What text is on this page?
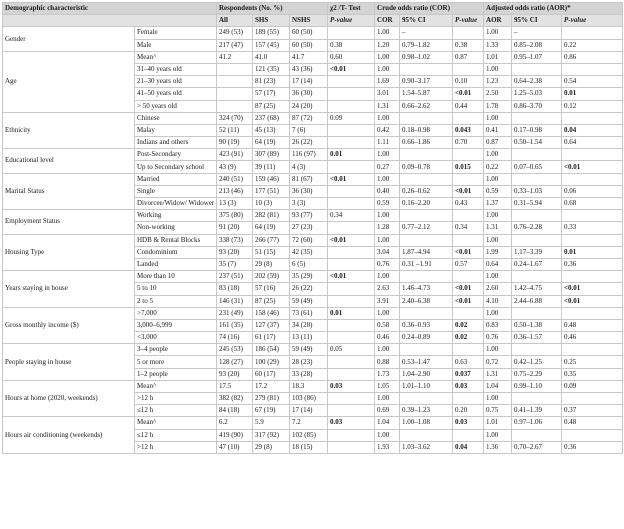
Demographic characteristic		Respondents (No. %)			χ2 /T- Test	Crude odds ratio (COR)			Adjusted odds ratio (AOR)*		
		All	SHS	NSHS	P-value	COR	95% CI	P-value	AOR	95% CI	P-value
Gender	Female	249 (53)	189 (55)	60 (50)		1.00	–		1.00	–	
	Male	217 (47)	157 (45)	60 (50)	0.38	1.20	0.79–1.82	0.38	1.33	0.85–2.08	0.22
Age	Mean^	41.2	41.0	41.7	0.60	1.00	0.98–1.02	0.87	1.01	0.95–1.07	0.86
	31–40 years old		121 (35)	43 (36)	<0.01	1.00			1.00		
	21–30 years old		81 (23)	17 (14)		1.69	0.90–3.17	0.10	1.23	0.64–2.38	0.54
	41–50 years old		57 (17)	36 (30)		3.01	1.54–5.87	<0.01	2.50	1.25–5.03	0.01
	> 50 years old		87 (25)	24 (20)		1.31	0.66–2.62	0.44	1.78	0.86–3.70	0.12
Ethnicity	Chinese	324 (70)	237 (68)	87 (72)	0.09	1.00			1.00		
	Malay	52 (11)	45 (13)	7 (6)		0.42	0.18–0.98	0.043	0.41	0.17–0.98	0.04
	Indians and others	90 (19)	64 (19)	26 (22)		1.11	0.66–1.86	0.70	0.87	0.50–1.54	0.64
Educational level	Post-Secondary	423 (91)	307 (89)	116 (97)	0.01	1.00			1.00		
	Up to Secondary school	43 (9)	39 (11)	4 (3)		0.27	0.09–0.78	0.015	0.22	0.07–0.65	<0.01
Marital Status	Married	240 (51)	159 (46)	81 (67)	<0.01	1.00			1.00		
	Single	213 (46)	177 (51)	36 (30)		0.40	0.26–0.62	<0.01	0.59	0.33–1.03	0.06
	Divorcee/Widow/ Widower	13 (3)	10 (3)	3 (3)		0.59	0.16–2.20	0.43	1.37	0.31–5.94	0.68
Employment Status	Working	375 (80)	282 (81)	93 (77)	0.34	1.00			1.00		
	Non-working	91 (20)	64 (19)	27 (23)		1.28	0.77–2.12	0.34	1.31	0.76–2.28	0.33
Housing Type	HDB & Rental Blocks	338 (73)	266 (77)	72 (60)	<0.01	1.00			1.00		
	Condominium	93 (20)	51 (15)	42 (35)		3.04	1.87–4.94	<0.01	1.99	1.17–3.39	0.01
	Landed	35 (7)	29 (8)	6 (5)		0.76	0.31 –1.91	0.57	0.64	0.24–1.67	0.36
Years staying in house	More than 10	237 (51)	202 (59)	35 (29)	<0.01	1.00			1.00		
	5 to 10	83 (18)	57 (16)	26 (22)		2.63	1.46–4.73	<0.01	2.60	1.42–4.75	<0.01
	2 to 5	146 (31)	87 (25)	59 (49)		3.91	2.40–6.38	<0.01	4.10	2.44–6.88	<0.01
Gross monthly income ($)	>7,000	231 (49)	158 (46)	73 (61)	0.01	1.00			1.00		
	3,000–6,999	161 (35)	127 (37)	34 (28)		0.58	0.36–0.93	0.02	0.83	0.50–1.38	0.48
	<3,000	74 (16)	61 (17)	13 (11)		0.46	0.24–0.89	0.02	0.76	0.36–1.57	0.46
People staying in house	3–4 people	245 (53)	186 (54)	59 (49)	0.05	1.00			1.00		
	5 or more	128 (27)	100 (29)	28 (23)		0.88	0.53–1.47	0.63	0.72	0.42–1.25	0.25
	1–2 people	93 (20)	60 (17)	33 (28)		1.73	1.04–2.90	0.037	1.31	0.75–2.29	0.35
Hours at home (2020, weekends)	Mean^	17.5	17.2	18.3	0.03	1.05	1.01–1.10	0.03	1.04	0.99–1.10	0.09
	>12 h	382 (82)	279 (81)	103 (86)		1.00			1.00		
	≤12 h	84 (18)	67 (19)	17 (14)		0.69	0.39–1.23	0.20	0.75	0.41–1.39	0.37
Hours air conditioning (weekends)	Mean^	6.2	5.9	7.2	0.03	1.04	1.00–1.08	0.03	1.01	0.97–1.06	0.48
	≤12 h	419 (90)	317 (92)	102 (85)		1.00			1.00		
	>12 h	47 (10)	29 (8)	18 (15)		1.93	1.03–3.62	0.04	1.36	0.70–2.67	0.36
